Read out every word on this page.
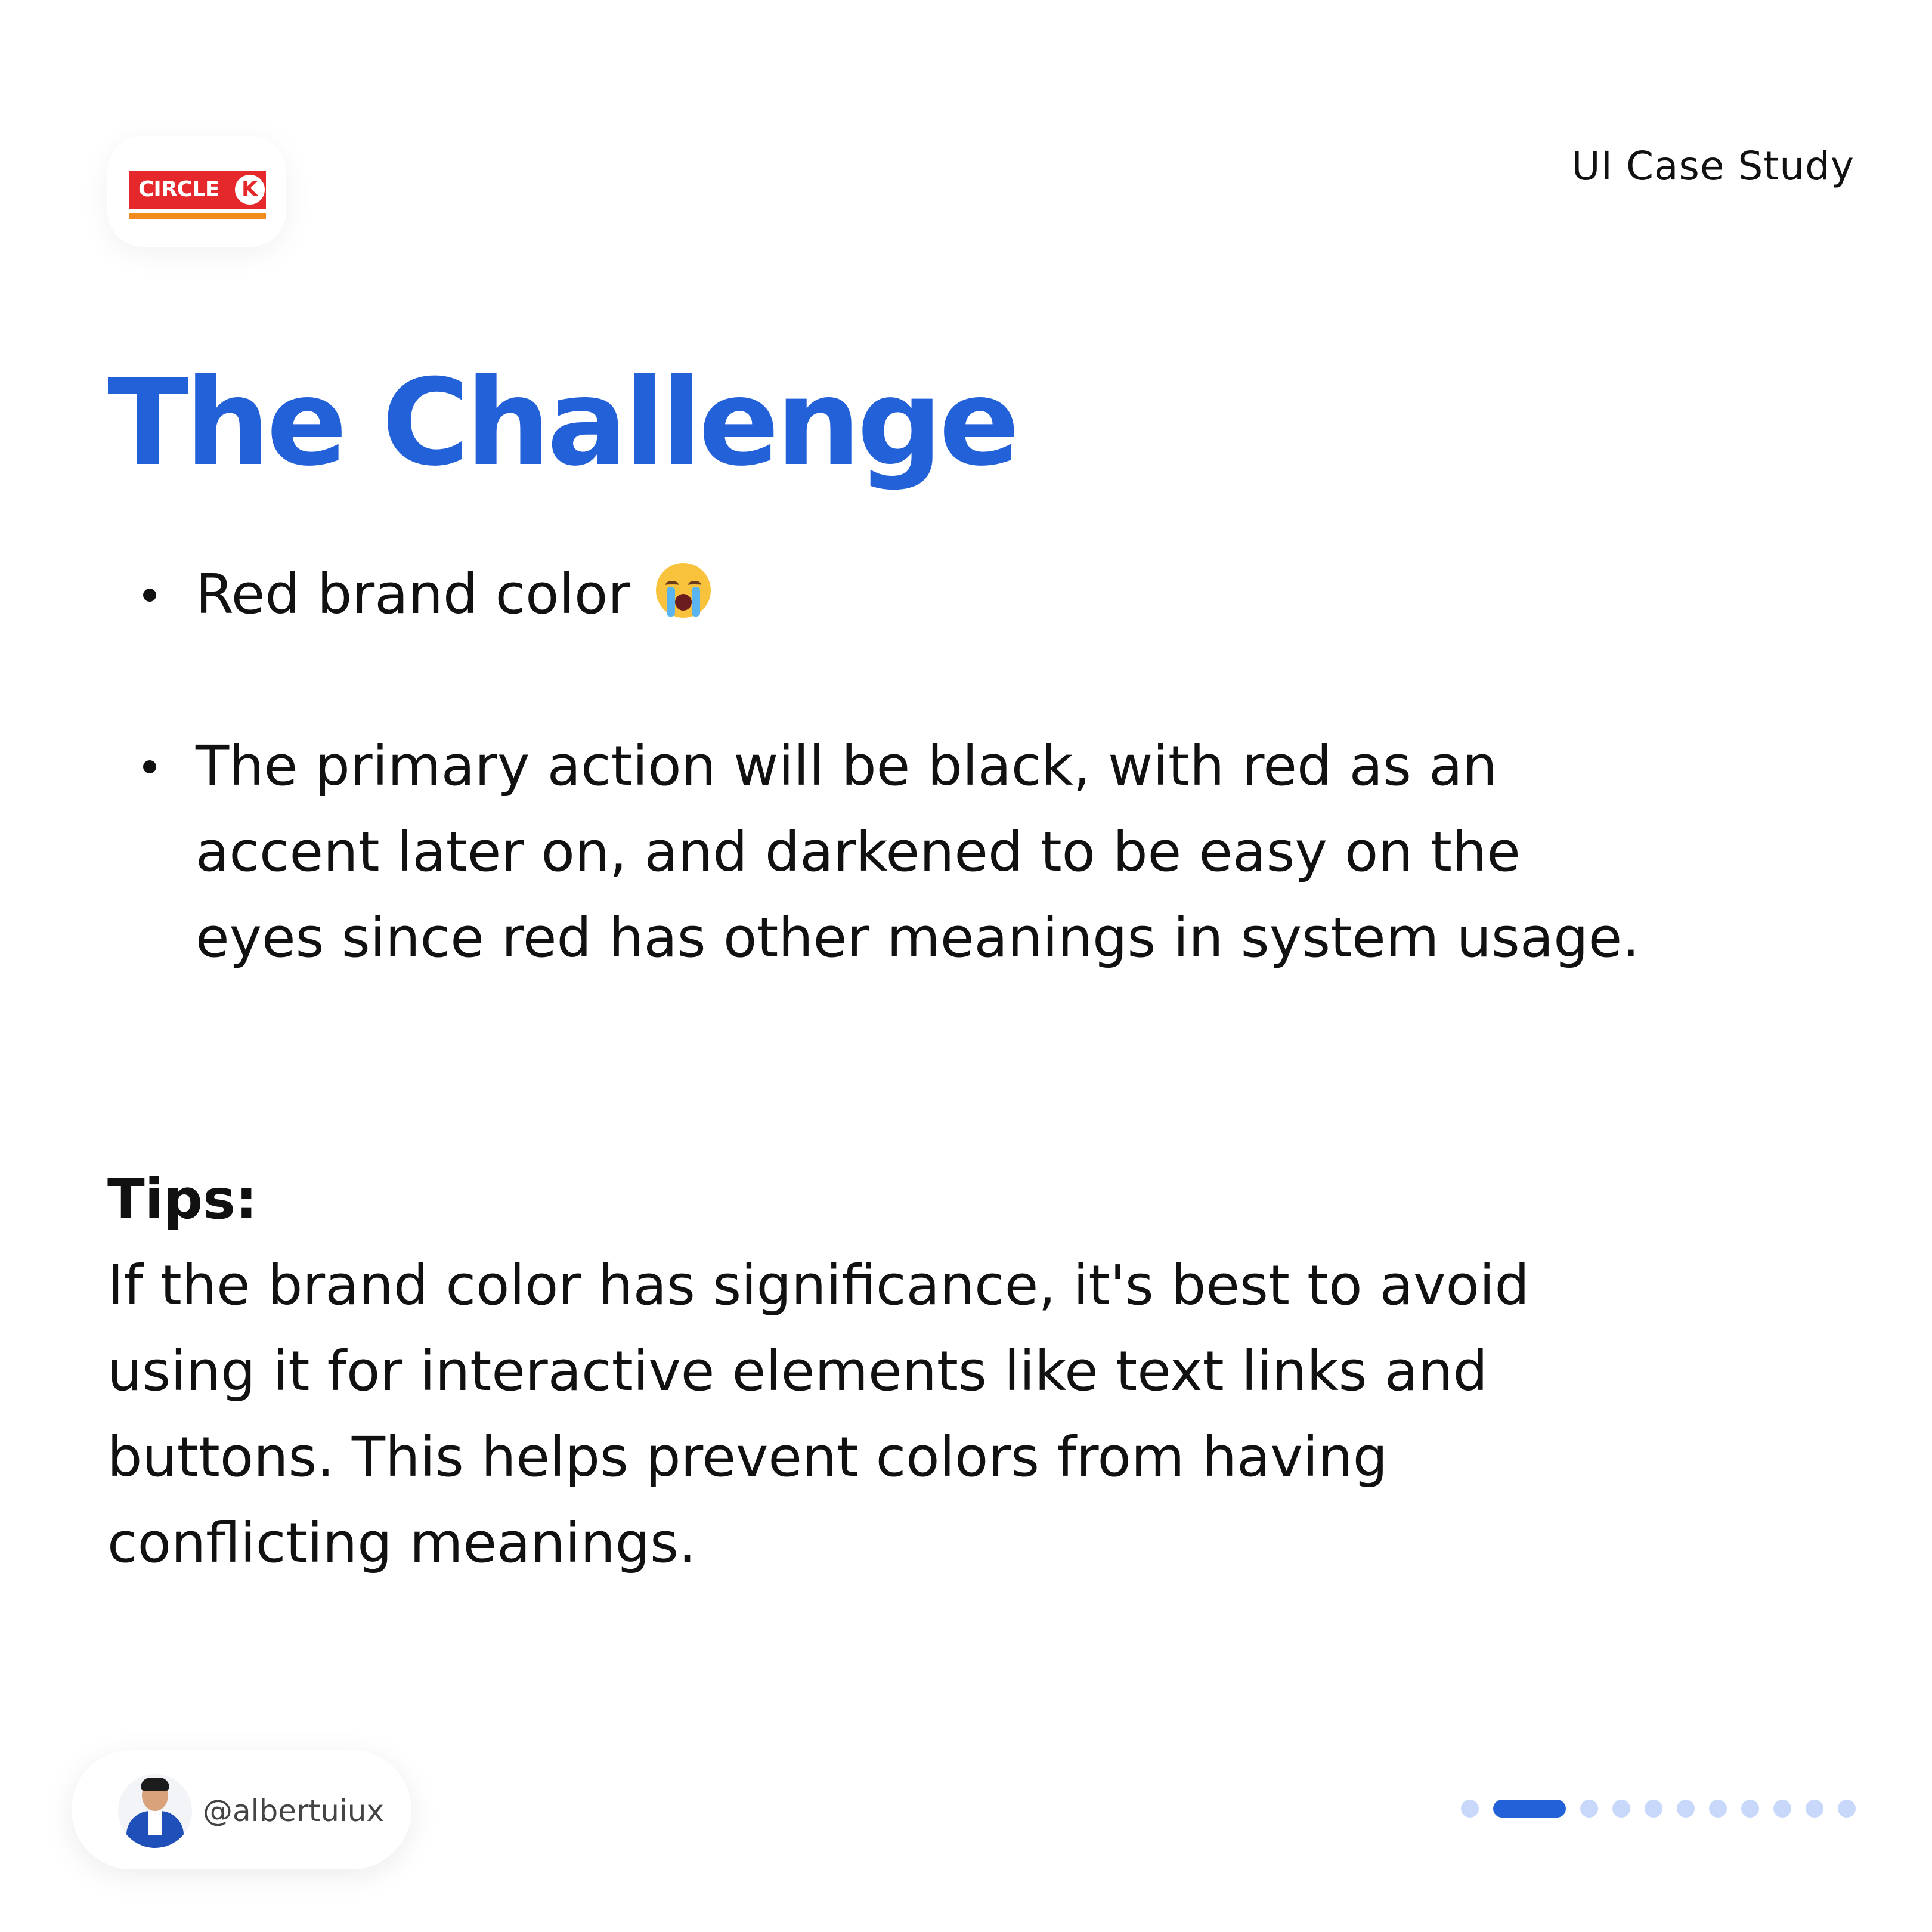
CIRCLE	K
UI Case Study
The Challenge
Red brand color
The primary action will be black, with red as an accent later on, and darkened to be easy on the eyes since red has other meanings in system usage.
Tips:

If the brand color has significance, it's best to avoid using it for interactive elements like text links and buttons. This helps prevent colors from having conflicting meanings.

@albertuiux
